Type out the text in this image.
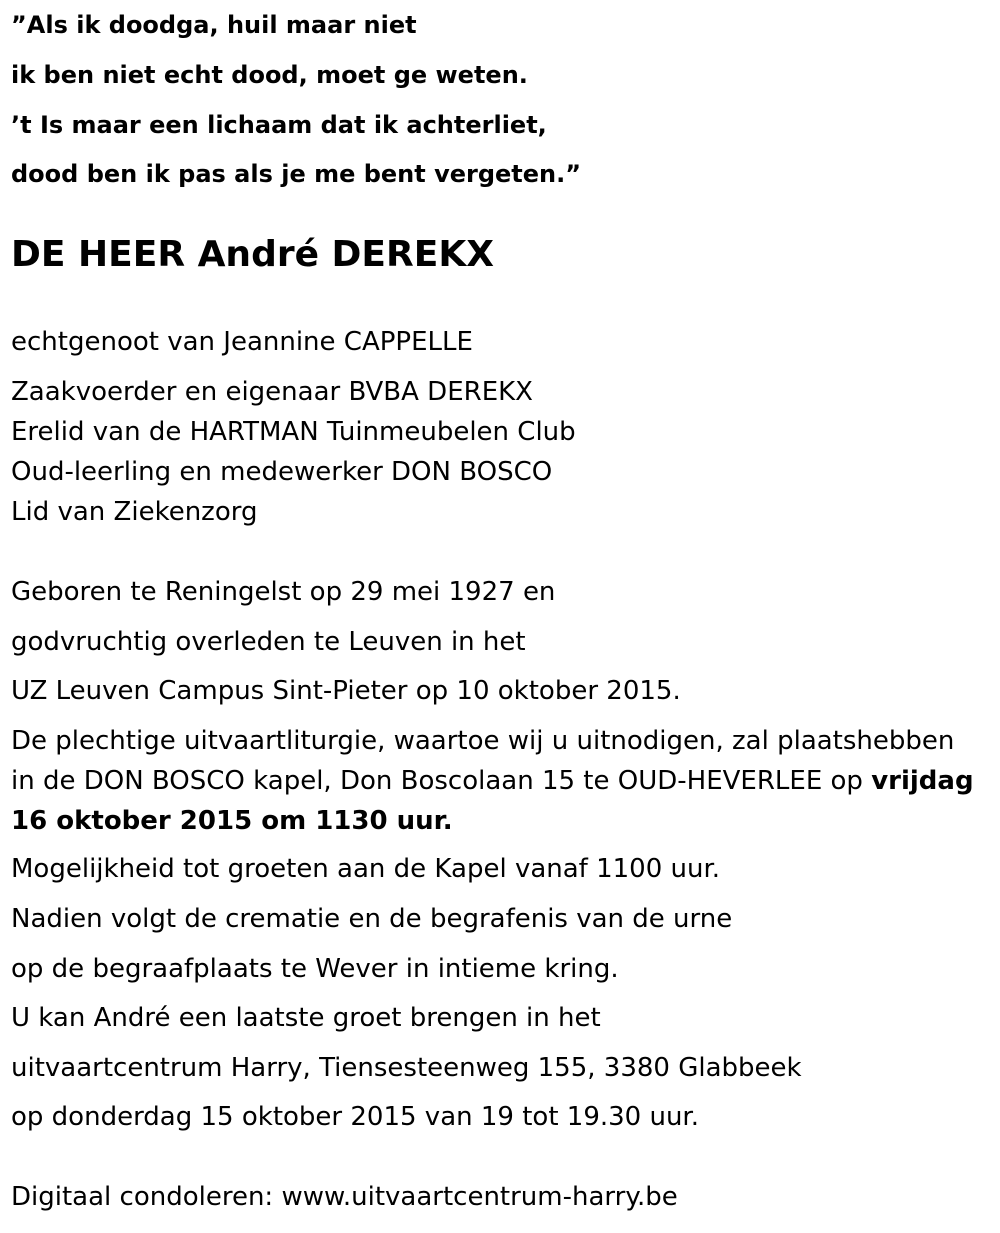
”Als ik doodga, huil maar niet
ik ben niet echt dood, moet ge weten.
’t Is maar een lichaam dat ik achterliet,
dood ben ik pas als je me bent vergeten.”
DE HEER André DEREKX
echtgenoot van Jeannine CAPPELLE
Zaakvoerder en eigenaar BVBA DEREKX
Erelid van de HARTMAN Tuinmeubelen Club
Oud-leerling en medewerker DON BOSCO
Lid van Ziekenzorg
Geboren te Reningelst op 29 mei 1927 en
godvruchtig overleden te Leuven in het
UZ Leuven Campus Sint-Pieter op 10 oktober 2015.
De plechtige uitvaartliturgie, waartoe wij u uitnodigen, zal plaatshebben in de DON BOSCO kapel, Don Boscolaan 15 te OUD-HEVERLEE op vrijdag 16 oktober 2015 om 1130 uur.
Mogelijkheid tot groeten aan de Kapel vanaf 1100 uur.
Nadien volgt de crematie en de begrafenis van de urne
op de begraafplaats te Wever in intieme kring.
U kan André een laatste groet brengen in het
uitvaartcentrum Harry, Tiensesteenweg 155, 3380 Glabbeek
op donderdag 15 oktober 2015 van 19 tot 19.30 uur.
Digitaal condoleren: www.uitvaartcentrum-harry.be
